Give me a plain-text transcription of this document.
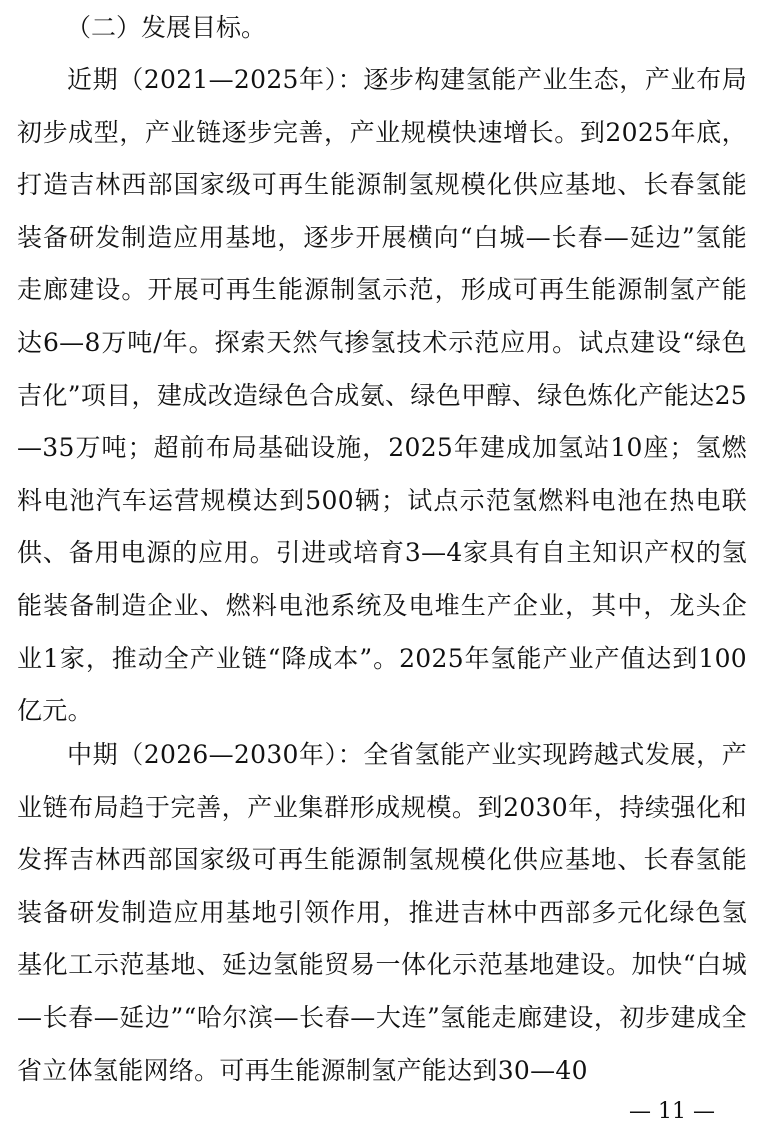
（二）发展目标。

近期（2021—2025年）：逐步构建氢能产业生态，产业布局初步成型，产业链逐步完善，产业规模快速增长。到2025年底，打造吉林西部国家级可再生能源制氢规模化供应基地、长春氢能装备研发制造应用基地，逐步开展横向“白城—长春—延边”氢能走廊建设。开展可再生能源制氢示范，形成可再生能源制氢产能达6—8万吨/年。探索天然气掺氢技术示范应用。试点建设“绿色吉化”项目，建成改造绿色合成氨、绿色甲醇、绿色炼化产能达25—35万吨；超前布局基础设施，2025年建成加氢站10座；氢燃料电池汽车运营规模达到500辆；试点示范氢燃料电池在热电联供、备用电源的应用。引进或培育3—4家具有自主知识产权的氢能装备制造企业、燃料电池系统及电堆生产企业，其中，龙头企业1家，推动全产业链“降成本”。2025年氢能产业产值达到100亿元。

中期（2026—2030年）：全省氢能产业实现跨越式发展，产业链布局趋于完善，产业集群形成规模。到2030年，持续强化和发挥吉林西部国家级可再生能源制氢规模化供应基地、长春氢能装备研发制造应用基地引领作用，推进吉林中西部多元化绿色氢基化工示范基地、延边氢能贸易一体化示范基地建设。加快“白城—长春—延边”“哈尔滨—长春—大连”氢能走廊建设，初步建成全省立体氢能网络。可再生能源制氢产能达到30—40

— 11 —
